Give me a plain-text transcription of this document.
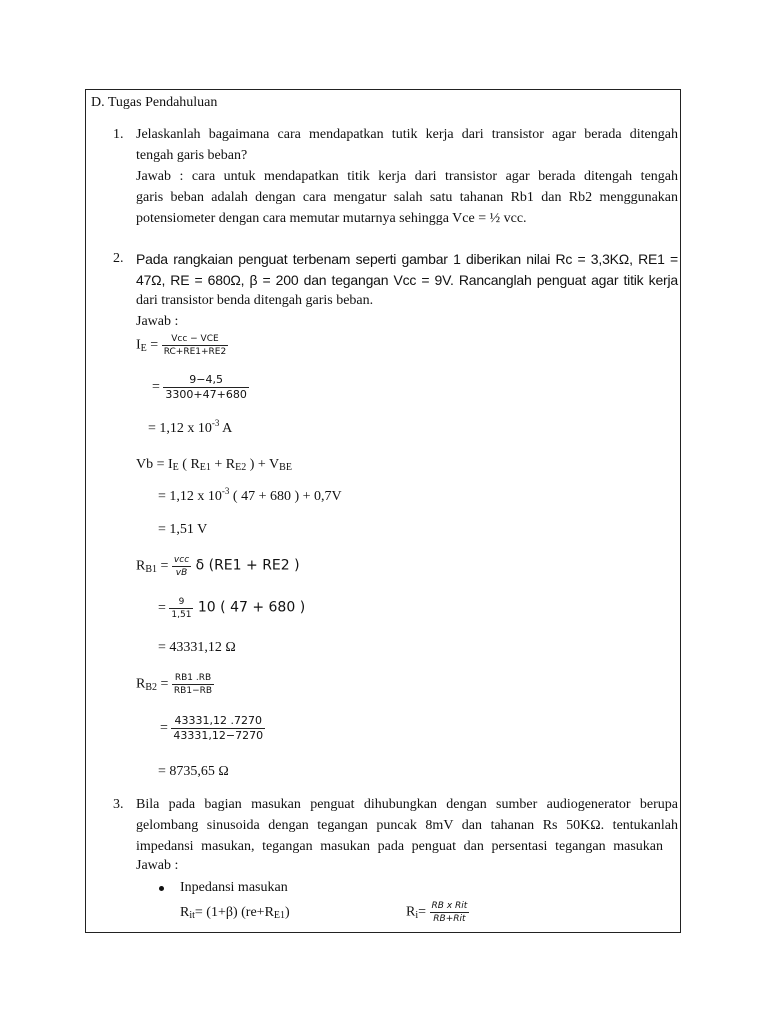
D. Tugas Pendahuluan
1. Jelaskanlah bagaimana cara mendapatkan tutik kerja dari transistor agar berada ditengah
tengah garis beban?
Jawab : cara untuk mendapatkan titik kerja dari transistor agar berada ditengah tengah
garis beban adalah dengan cara mengatur salah satu tahanan Rb1 dan Rb2 menggunakan
potensiometer dengan cara memutar mutarnya sehingga Vce = ½ vcc.
2. Pada rangkaian penguat terbenam seperti gambar 1 diberikan nilai Rc = 3,3KΩ, RE1 =
47Ω, RE = 680Ω, β = 200 dan tegangan Vcc = 9V. Rancanglah penguat agar titik kerja
dari transistor benda ditengah garis beban.
Jawab :
IE = $\frac{\text{Vcc − VCE}}{RC+RE1+RE2}$
= $\frac{9-4,5}{3300+47+680}$
= 1,12 x $10^{-3}$ A
Vb = IE ( RE1 + RE2 ) + VBE
= 1,12 x $10^{-3}$ ( 47 + 680 ) + 0,7V
= 1,51 V
$RB1 = \frac{\text{vcc}}{vB}$ δ (RE1 + RE2 )
= $\frac{9}{1,51} 10$ ( 47 + 680 )
= 43331,12 Ω
$RB2 = \frac{RB1 .RB}{RB1-RB}$
= $\frac{43331,12 .7270}{43331,12-7270}$
= 8735,65 Ω
3. Bila pada bagian masukan penguat dihubungkan dengan sumber audiogenerator berupa
gelombang sinusoida dengan tegangan puncak 8mV dan tahanan Rs 50KΩ. tentukanlah
impedansi masukan, tegangan masukan pada penguat dan persentasi tegangan masukan
Jawab :
Inpedansi masukan
Rit= (1+β) (re+RE1)	$Ri= \frac{\text{RB x Rit}}{\text{RB+Rit}}$
